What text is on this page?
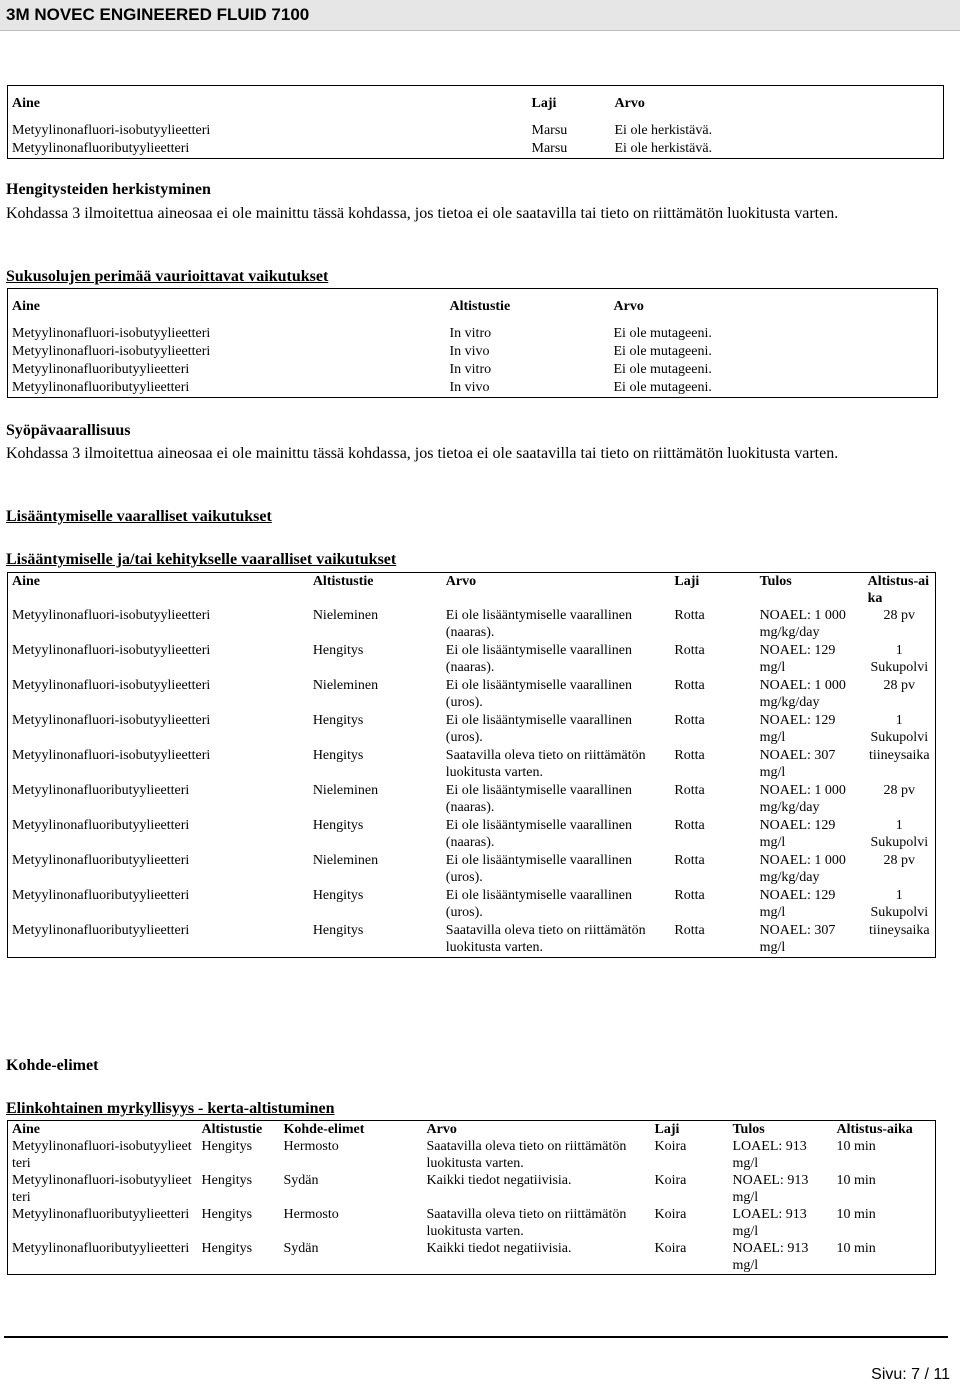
3M NOVEC ENGINEERED FLUID 7100
Aine	Laji	Arvo
Metyylinonafluori-isobutyylieetteri	Marsu	Ei ole herkistävä.
Metyylinonafluoributyylieetteri	Marsu	Ei ole herkistävä.
Hengitysteiden herkistyminen
Kohdassa 3 ilmoitettua aineosaa ei ole mainittu tässä kohdassa, jos tietoa ei ole saatavilla tai tieto on riittämätön luokitusta varten.
Sukusolujen perimää vaurioittavat vaikutukset
Aine	Altistustie	Arvo
Metyylinonafluori-isobutyylieetteri	In vitro	Ei ole mutageeni.
Metyylinonafluori-isobutyylieetteri	In vivo	Ei ole mutageeni.
Metyylinonafluoributyylieetteri	In vitro	Ei ole mutageeni.
Metyylinonafluoributyylieetteri	In vivo	Ei ole mutageeni.
Syöpävaarallisuus
Kohdassa 3 ilmoitettua aineosaa ei ole mainittu tässä kohdassa, jos tietoa ei ole saatavilla tai tieto on riittämätön luokitusta varten.
Lisääntymiselle vaaralliset vaikutukset
Lisääntymiselle ja/tai kehitykselle vaaralliset vaikutukset
Aine	Altistustie	Arvo	Laji	Tulos	Altistus-aika
Metyylinonafluori-isobutyylieetteri	Nieleminen	Ei ole lisääntymiselle vaarallinen (naaras).	Rotta	NOAEL: 1 000 mg/kg/day	28 pv
Metyylinonafluori-isobutyylieetteri	Hengitys	Ei ole lisääntymiselle vaarallinen (naaras).	Rotta	NOAEL: 129 mg/l	1 Sukupolvi
Metyylinonafluori-isobutyylieetteri	Nieleminen	Ei ole lisääntymiselle vaarallinen (uros).	Rotta	NOAEL: 1 000 mg/kg/day	28 pv
Metyylinonafluori-isobutyylieetteri	Hengitys	Ei ole lisääntymiselle vaarallinen (uros).	Rotta	NOAEL: 129 mg/l	1 Sukupolvi
Metyylinonafluori-isobutyylieetteri	Hengitys	Saatavilla oleva tieto on riittämätön luokitusta varten.	Rotta	NOAEL: 307 mg/l	tiineysaika
Metyylinonafluoributyylieetteri	Nieleminen	Ei ole lisääntymiselle vaarallinen (naaras).	Rotta	NOAEL: 1 000 mg/kg/day	28 pv
Metyylinonafluoributyylieetteri	Hengitys	Ei ole lisääntymiselle vaarallinen (naaras).	Rotta	NOAEL: 129 mg/l	1 Sukupolvi
Metyylinonafluoributyylieetteri	Nieleminen	Ei ole lisääntymiselle vaarallinen (uros).	Rotta	NOAEL: 1 000 mg/kg/day	28 pv
Metyylinonafluoributyylieetteri	Hengitys	Ei ole lisääntymiselle vaarallinen (uros).	Rotta	NOAEL: 129 mg/l	1 Sukupolvi
Metyylinonafluoributyylieetteri	Hengitys	Saatavilla oleva tieto on riittämätön luokitusta varten.	Rotta	NOAEL: 307 mg/l	tiineysaika
Kohde-elimet
Elinkohtainen myrkyllisyys - kerta-altistuminen
Aine	Altistustie	Kohde-elimet	Arvo	Laji	Tulos	Altistus-aika
Metyylinonafluori-isobutyylieetteri	Hengitys	Hermosto	Saatavilla oleva tieto on riittämätön luokitusta varten.	Koira	LOAEL: 913 mg/l	10 min
Metyylinonafluori-isobutyylieetteri	Hengitys	Sydän	Kaikki tiedot negatiivisia.	Koira	NOAEL: 913 mg/l	10 min
Metyylinonafluoributyylieetteri	Hengitys	Hermosto	Saatavilla oleva tieto on riittämätön luokitusta varten.	Koira	LOAEL: 913 mg/l	10 min
Metyylinonafluoributyylieetteri	Hengitys	Sydän	Kaikki tiedot negatiivisia.	Koira	NOAEL: 913 mg/l	10 min
Sivu: 7 / 11
